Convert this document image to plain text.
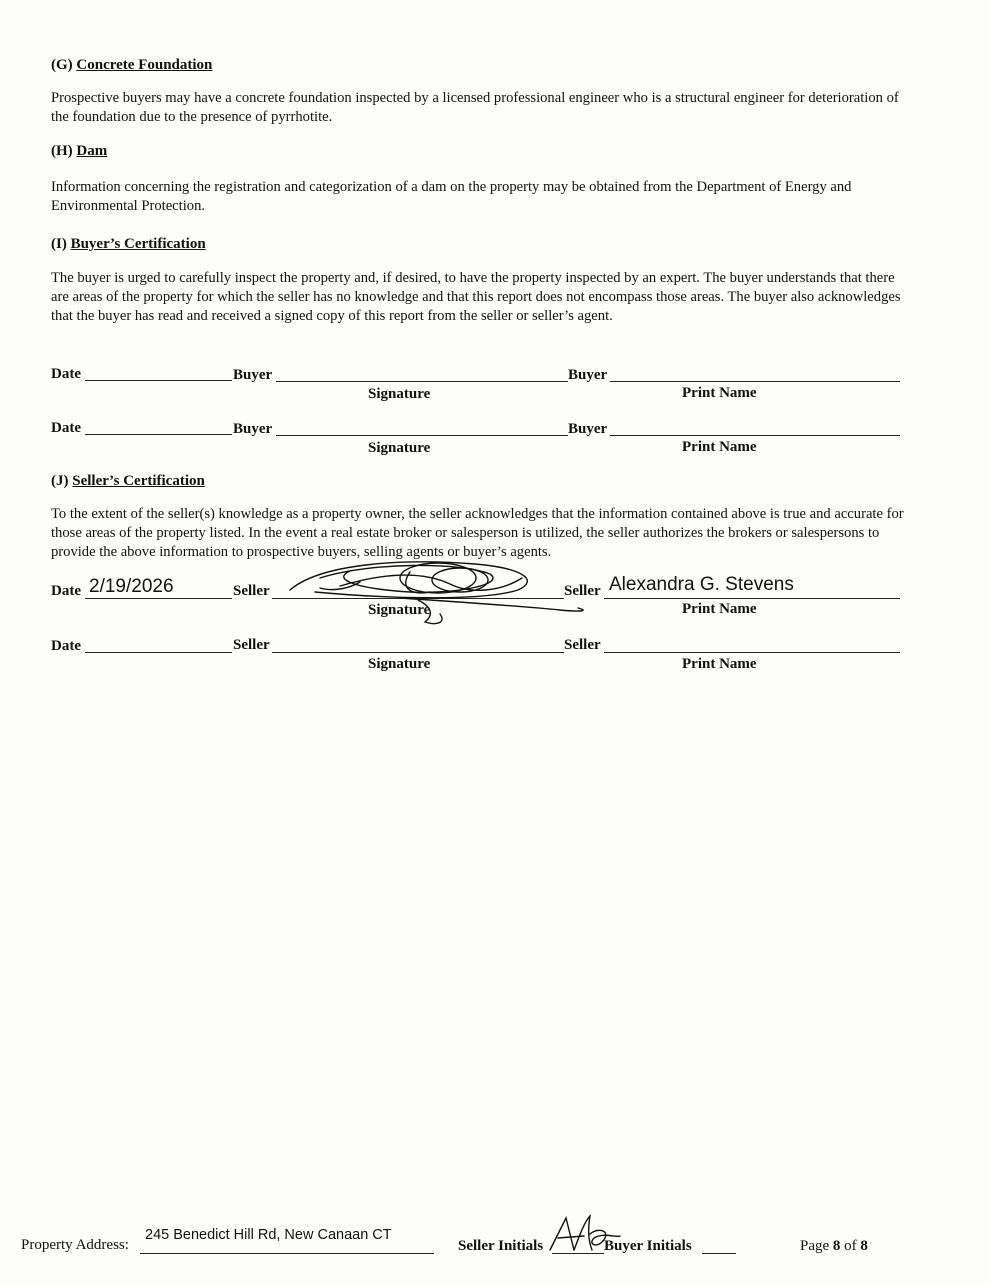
(G) Concrete Foundation
Prospective buyers may have a concrete foundation inspected by a licensed professional engineer who is a structural engineer for deterioration of the foundation due to the presence of pyrrhotite.
(H) Dam
Information concerning the registration and categorization of a dam on the property may be obtained from the Department of Energy and Environmental Protection.
(I) Buyer’s Certification
The buyer is urged to carefully inspect the property and, if desired, to have the property inspected by an expert. The buyer understands that there are areas of the property for which the seller has no knowledge and that this report does not encompass those areas. The buyer also acknowledges that the buyer has read and received a signed copy of this report from the seller or seller’s agent.
Date	Buyer	Buyer
Signature	Print Name
Date	Buyer	Buyer
Signature	Print Name
(J) Seller’s Certification
To the extent of the seller(s) knowledge as a property owner, the seller acknowledges that the information contained above is true and accurate for those areas of the property listed. In the event a real estate broker or salesperson is utilized, the seller authorizes the brokers or salespersons to provide the above information to prospective buyers, selling agents or buyer’s agents.
Date 2/19/2026	Seller	Seller Alexandra G. Stevens
Signature	Print Name
Date	Seller	Seller
Signature	Print Name
Property Address:
245 Benedict Hill Rd, New Canaan CT
Seller Initials	Buyer Initials	Page 8 of 8
